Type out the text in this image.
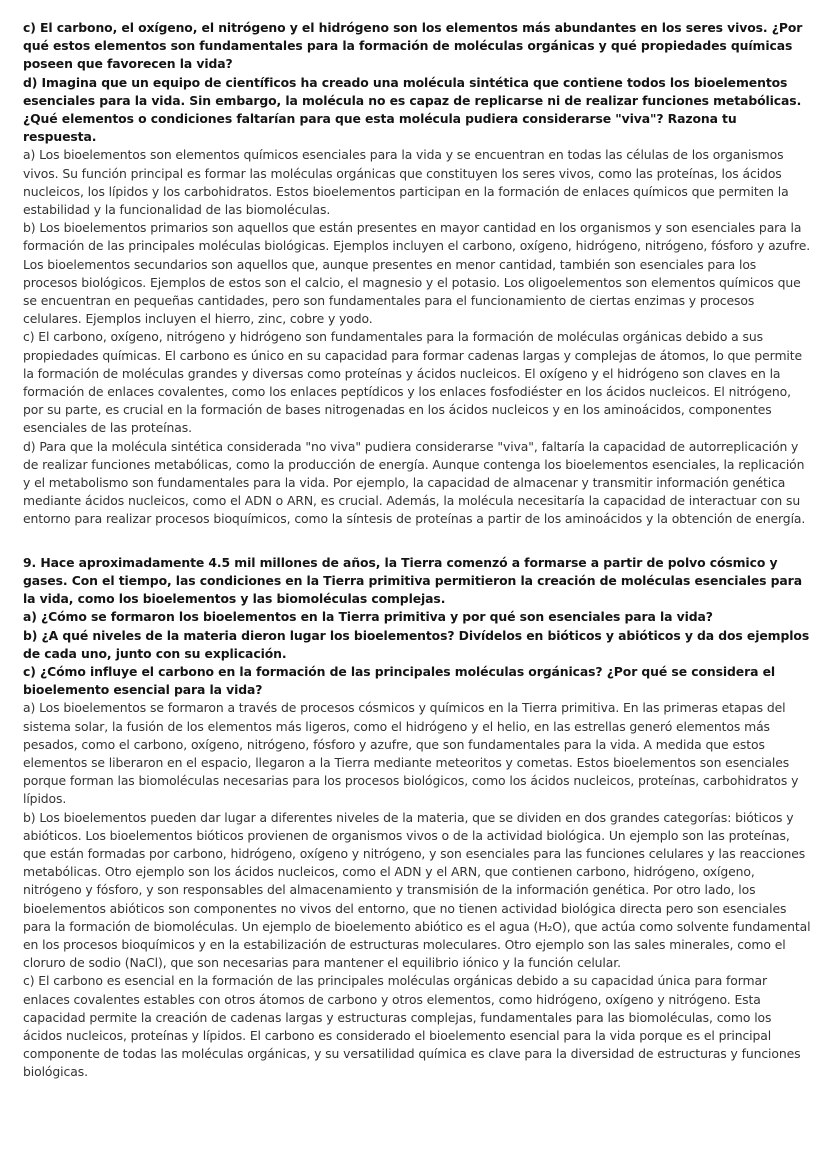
c) El carbono, el oxígeno, el nitrógeno y el hidrógeno son los elementos más abundantes en los seres vivos. ¿Por qué estos elementos son fundamentales para la formación de moléculas orgánicas y qué propiedades químicas poseen que favorecen la vida?

d) Imagina que un equipo de científicos ha creado una molécula sintética que contiene todos los bioelementos esenciales para la vida. Sin embargo, la molécula no es capaz de replicarse ni de realizar funciones metabólicas. ¿Qué elementos o condiciones faltarían para que esta molécula pudiera considerarse "viva"? Razona tu respuesta.

a) Los bioelementos son elementos químicos esenciales para la vida y se encuentran en todas las células de los organismos vivos. Su función principal es formar las moléculas orgánicas que constituyen los seres vivos, como las proteínas, los ácidos nucleicos, los lípidos y los carbohidratos. Estos bioelementos participan en la formación de enlaces químicos que permiten la estabilidad y la funcionalidad de las biomoléculas.

b) Los bioelementos primarios son aquellos que están presentes en mayor cantidad en los organismos y son esenciales para la formación de las principales moléculas biológicas. Ejemplos incluyen el carbono, oxígeno, hidrógeno, nitrógeno, fósforo y azufre. Los bioelementos secundarios son aquellos que, aunque presentes en menor cantidad, también son esenciales para los procesos biológicos. Ejemplos de estos son el calcio, el magnesio y el potasio. Los oligoelementos son elementos químicos que se encuentran en pequeñas cantidades, pero son fundamentales para el funcionamiento de ciertas enzimas y procesos celulares. Ejemplos incluyen el hierro, zinc, cobre y yodo.

c) El carbono, oxígeno, nitrógeno y hidrógeno son fundamentales para la formación de moléculas orgánicas debido a sus propiedades químicas. El carbono es único en su capacidad para formar cadenas largas y complejas de átomos, lo que permite la formación de moléculas grandes y diversas como proteínas y ácidos nucleicos. El oxígeno y el hidrógeno son claves en la formación de enlaces covalentes, como los enlaces peptídicos y los enlaces fosfodiéster en los ácidos nucleicos. El nitrógeno, por su parte, es crucial en la formación de bases nitrogenadas en los ácidos nucleicos y en los aminoácidos, componentes esenciales de las proteínas.

d) Para que la molécula sintética considerada "no viva" pudiera considerarse "viva", faltaría la capacidad de autorreplicación y de realizar funciones metabólicas, como la producción de energía. Aunque contenga los bioelementos esenciales, la replicación y el metabolismo son fundamentales para la vida. Por ejemplo, la capacidad de almacenar y transmitir información genética mediante ácidos nucleicos, como el ADN o ARN, es crucial. Además, la molécula necesitaría la capacidad de interactuar con su entorno para realizar procesos bioquímicos, como la síntesis de proteínas a partir de los aminoácidos y la obtención de energía.

9. Hace aproximadamente 4.5 mil millones de años, la Tierra comenzó a formarse a partir de polvo cósmico y gases. Con el tiempo, las condiciones en la Tierra primitiva permitieron la creación de moléculas esenciales para la vida, como los bioelementos y las biomoléculas complejas.

a) ¿Cómo se formaron los bioelementos en la Tierra primitiva y por qué son esenciales para la vida?

b) ¿A qué niveles de la materia dieron lugar los bioelementos? Divídelos en bióticos y abióticos y da dos ejemplos de cada uno, junto con su explicación.

c) ¿Cómo influye el carbono en la formación de las principales moléculas orgánicas? ¿Por qué se considera el bioelemento esencial para la vida?

a) Los bioelementos se formaron a través de procesos cósmicos y químicos en la Tierra primitiva. En las primeras etapas del sistema solar, la fusión de los elementos más ligeros, como el hidrógeno y el helio, en las estrellas generó elementos más pesados, como el carbono, oxígeno, nitrógeno, fósforo y azufre, que son fundamentales para la vida. A medida que estos elementos se liberaron en el espacio, llegaron a la Tierra mediante meteoritos y cometas. Estos bioelementos son esenciales porque forman las biomoléculas necesarias para los procesos biológicos, como los ácidos nucleicos, proteínas, carbohidratos y lípidos.

b) Los bioelementos pueden dar lugar a diferentes niveles de la materia, que se dividen en dos grandes categorías: bióticos y abióticos. Los bioelementos bióticos provienen de organismos vivos o de la actividad biológica. Un ejemplo son las proteínas, que están formadas por carbono, hidrógeno, oxígeno y nitrógeno, y son esenciales para las funciones celulares y las reacciones metabólicas. Otro ejemplo son los ácidos nucleicos, como el ADN y el ARN, que contienen carbono, hidrógeno, oxígeno, nitrógeno y fósforo, y son responsables del almacenamiento y transmisión de la información genética. Por otro lado, los bioelementos abióticos son componentes no vivos del entorno, que no tienen actividad biológica directa pero son esenciales para la formación de biomoléculas. Un ejemplo de bioelemento abiótico es el agua (H₂O), que actúa como solvente fundamental en los procesos bioquímicos y en la estabilización de estructuras moleculares. Otro ejemplo son las sales minerales, como el cloruro de sodio (NaCl), que son necesarias para mantener el equilibrio iónico y la función celular.

c) El carbono es esencial en la formación de las principales moléculas orgánicas debido a su capacidad única para formar enlaces covalentes estables con otros átomos de carbono y otros elementos, como hidrógeno, oxígeno y nitrógeno. Esta capacidad permite la creación de cadenas largas y estructuras complejas, fundamentales para las biomoléculas, como los ácidos nucleicos, proteínas y lípidos. El carbono es considerado el bioelemento esencial para la vida porque es el principal componente de todas las moléculas orgánicas, y su versatilidad química es clave para la diversidad de estructuras y funciones biológicas.
